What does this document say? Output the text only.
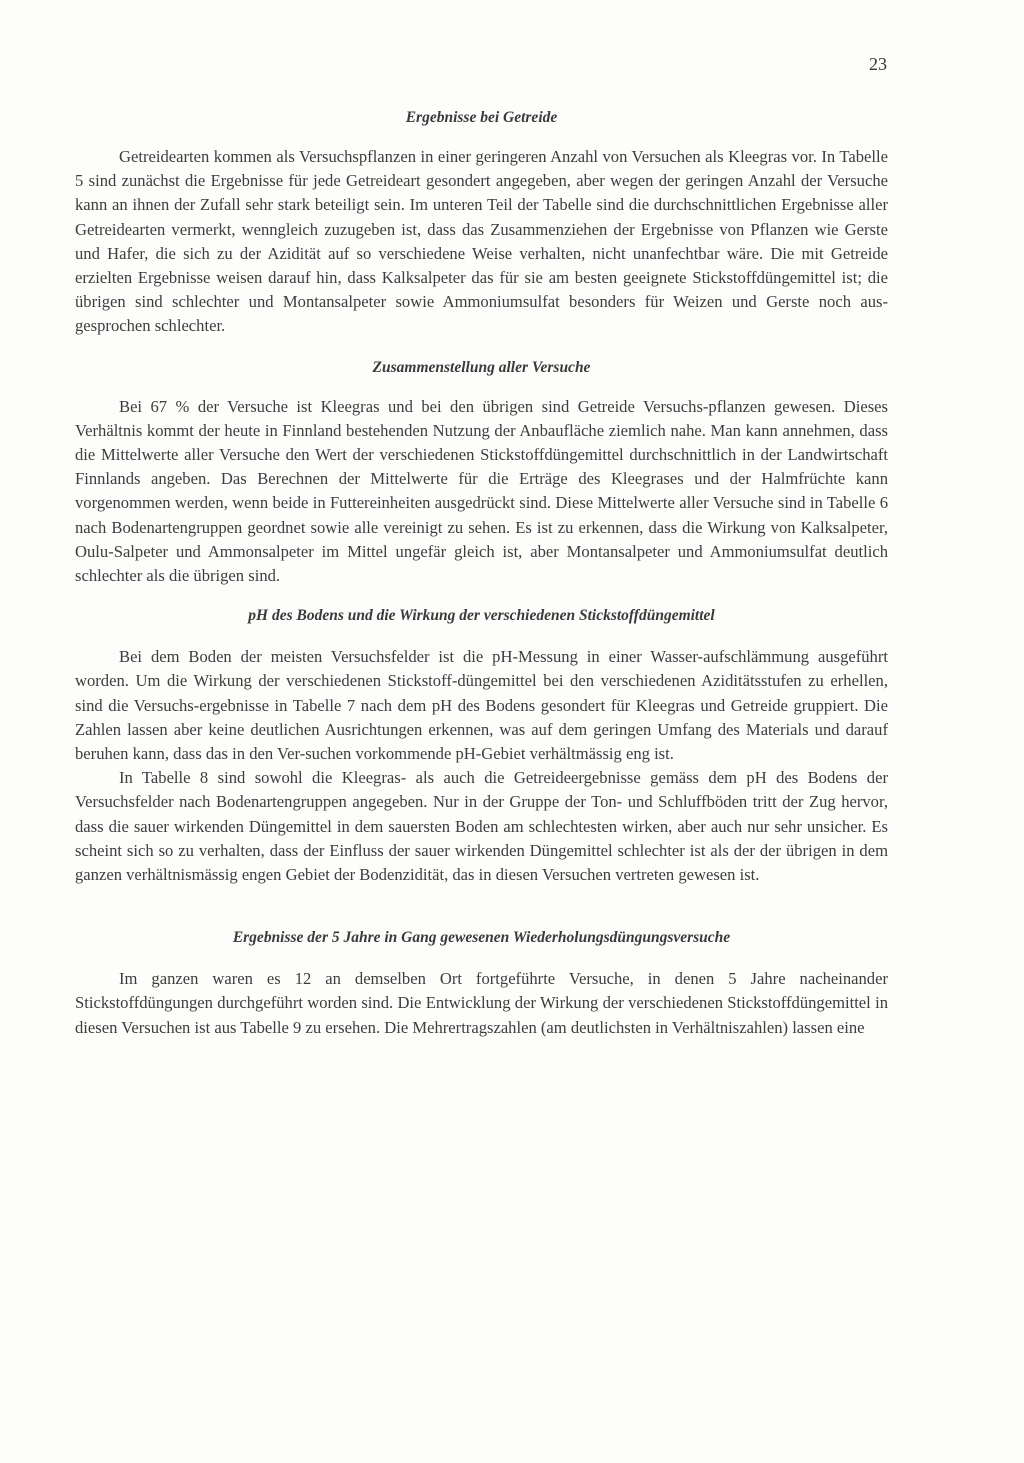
23
Ergebnisse bei Getreide

Getreidearten kommen als Versuchspflanzen in einer geringeren Anzahl von Versuchen als Kleegras vor. In Tabelle 5 sind zunächst die Ergebnisse für jede Getreideart gesondert angegeben, aber wegen der geringen Anzahl der Versuche kann an ihnen der Zufall sehr stark beteiligt sein. Im unteren Teil der Tabelle sind die durchschnittlichen Ergebnisse aller Getreidearten vermerkt, wenngleich zuzugeben ist, dass das Zusammenziehen der Ergebnisse von Pflanzen wie Gerste und Hafer, die sich zu der Azidität auf so verschiedene Weise verhalten, nicht unanfechtbar wäre. Die mit Getreide erzielten Ergebnisse weisen darauf hin, dass Kalksalpeter das für sie am besten geeignete Stickstoffdüngemittel ist; die übrigen sind schlechter und Montansalpeter sowie Ammoniumsulfat besonders für Weizen und Gerste noch aus-gesprochen schlechter.

Zusammenstellung aller Versuche

Bei 67 % der Versuche ist Kleegras und bei den übrigen sind Getreide Versuchs-pflanzen gewesen. Dieses Verhältnis kommt der heute in Finnland bestehenden Nutzung der Anbaufläche ziemlich nahe. Man kann annehmen, dass die Mittelwerte aller Versuche den Wert der verschiedenen Stickstoffdüngemittel durchschnittlich in der Landwirtschaft Finnlands angeben. Das Berechnen der Mittelwerte für die Erträge des Kleegrases und der Halmfrüchte kann vorgenommen werden, wenn beide in Futtereinheiten ausgedrückt sind. Diese Mittelwerte aller Versuche sind in Tabelle 6 nach Bodenartengruppen geordnet sowie alle vereinigt zu sehen. Es ist zu erkennen, dass die Wirkung von Kalksalpeter, Oulu-Salpeter und Ammonsalpeter im Mittel ungefär gleich ist, aber Montansalpeter und Ammoniumsulfat deutlich schlechter als die übrigen sind.

pH des Bodens und die Wirkung der verschiedenen Stickstoffdüngemittel

Bei dem Boden der meisten Versuchsfelder ist die pH-Messung in einer Wasser-aufschlämmung ausgeführt worden. Um die Wirkung der verschiedenen Stickstoff-düngemittel bei den verschiedenen Aziditätsstufen zu erhellen, sind die Versuchs-ergebnisse in Tabelle 7 nach dem pH des Bodens gesondert für Kleegras und Getreide gruppiert. Die Zahlen lassen aber keine deutlichen Ausrichtungen erkennen, was auf dem geringen Umfang des Materials und darauf beruhen kann, dass das in den Ver-suchen vorkommende pH-Gebiet verhältmässig eng ist.

In Tabelle 8 sind sowohl die Kleegras- als auch die Getreideergebnisse gemäss dem pH des Bodens der Versuchsfelder nach Bodenartengruppen angegeben. Nur in der Gruppe der Ton- und Schluffböden tritt der Zug hervor, dass die sauer wirkenden Düngemittel in dem sauersten Boden am schlechtesten wirken, aber auch nur sehr unsicher. Es scheint sich so zu verhalten, dass der Einfluss der sauer wirkenden Düngemittel schlechter ist als der der übrigen in dem ganzen verhältnismässig engen Gebiet der Bodenzidität, das in diesen Versuchen vertreten gewesen ist.

Ergebnisse der 5 Jahre in Gang gewesenen Wiederholungsdüngungsversuche

Im ganzen waren es 12 an demselben Ort fortgeführte Versuche, in denen 5 Jahre nacheinander Stickstoffdüngungen durchgeführt worden sind. Die Entwicklung der Wirkung der verschiedenen Stickstoffdüngemittel in diesen Versuchen ist aus Tabelle 9 zu ersehen. Die Mehrertragszahlen (am deutlichsten in Verhältniszahlen) lassen eine
